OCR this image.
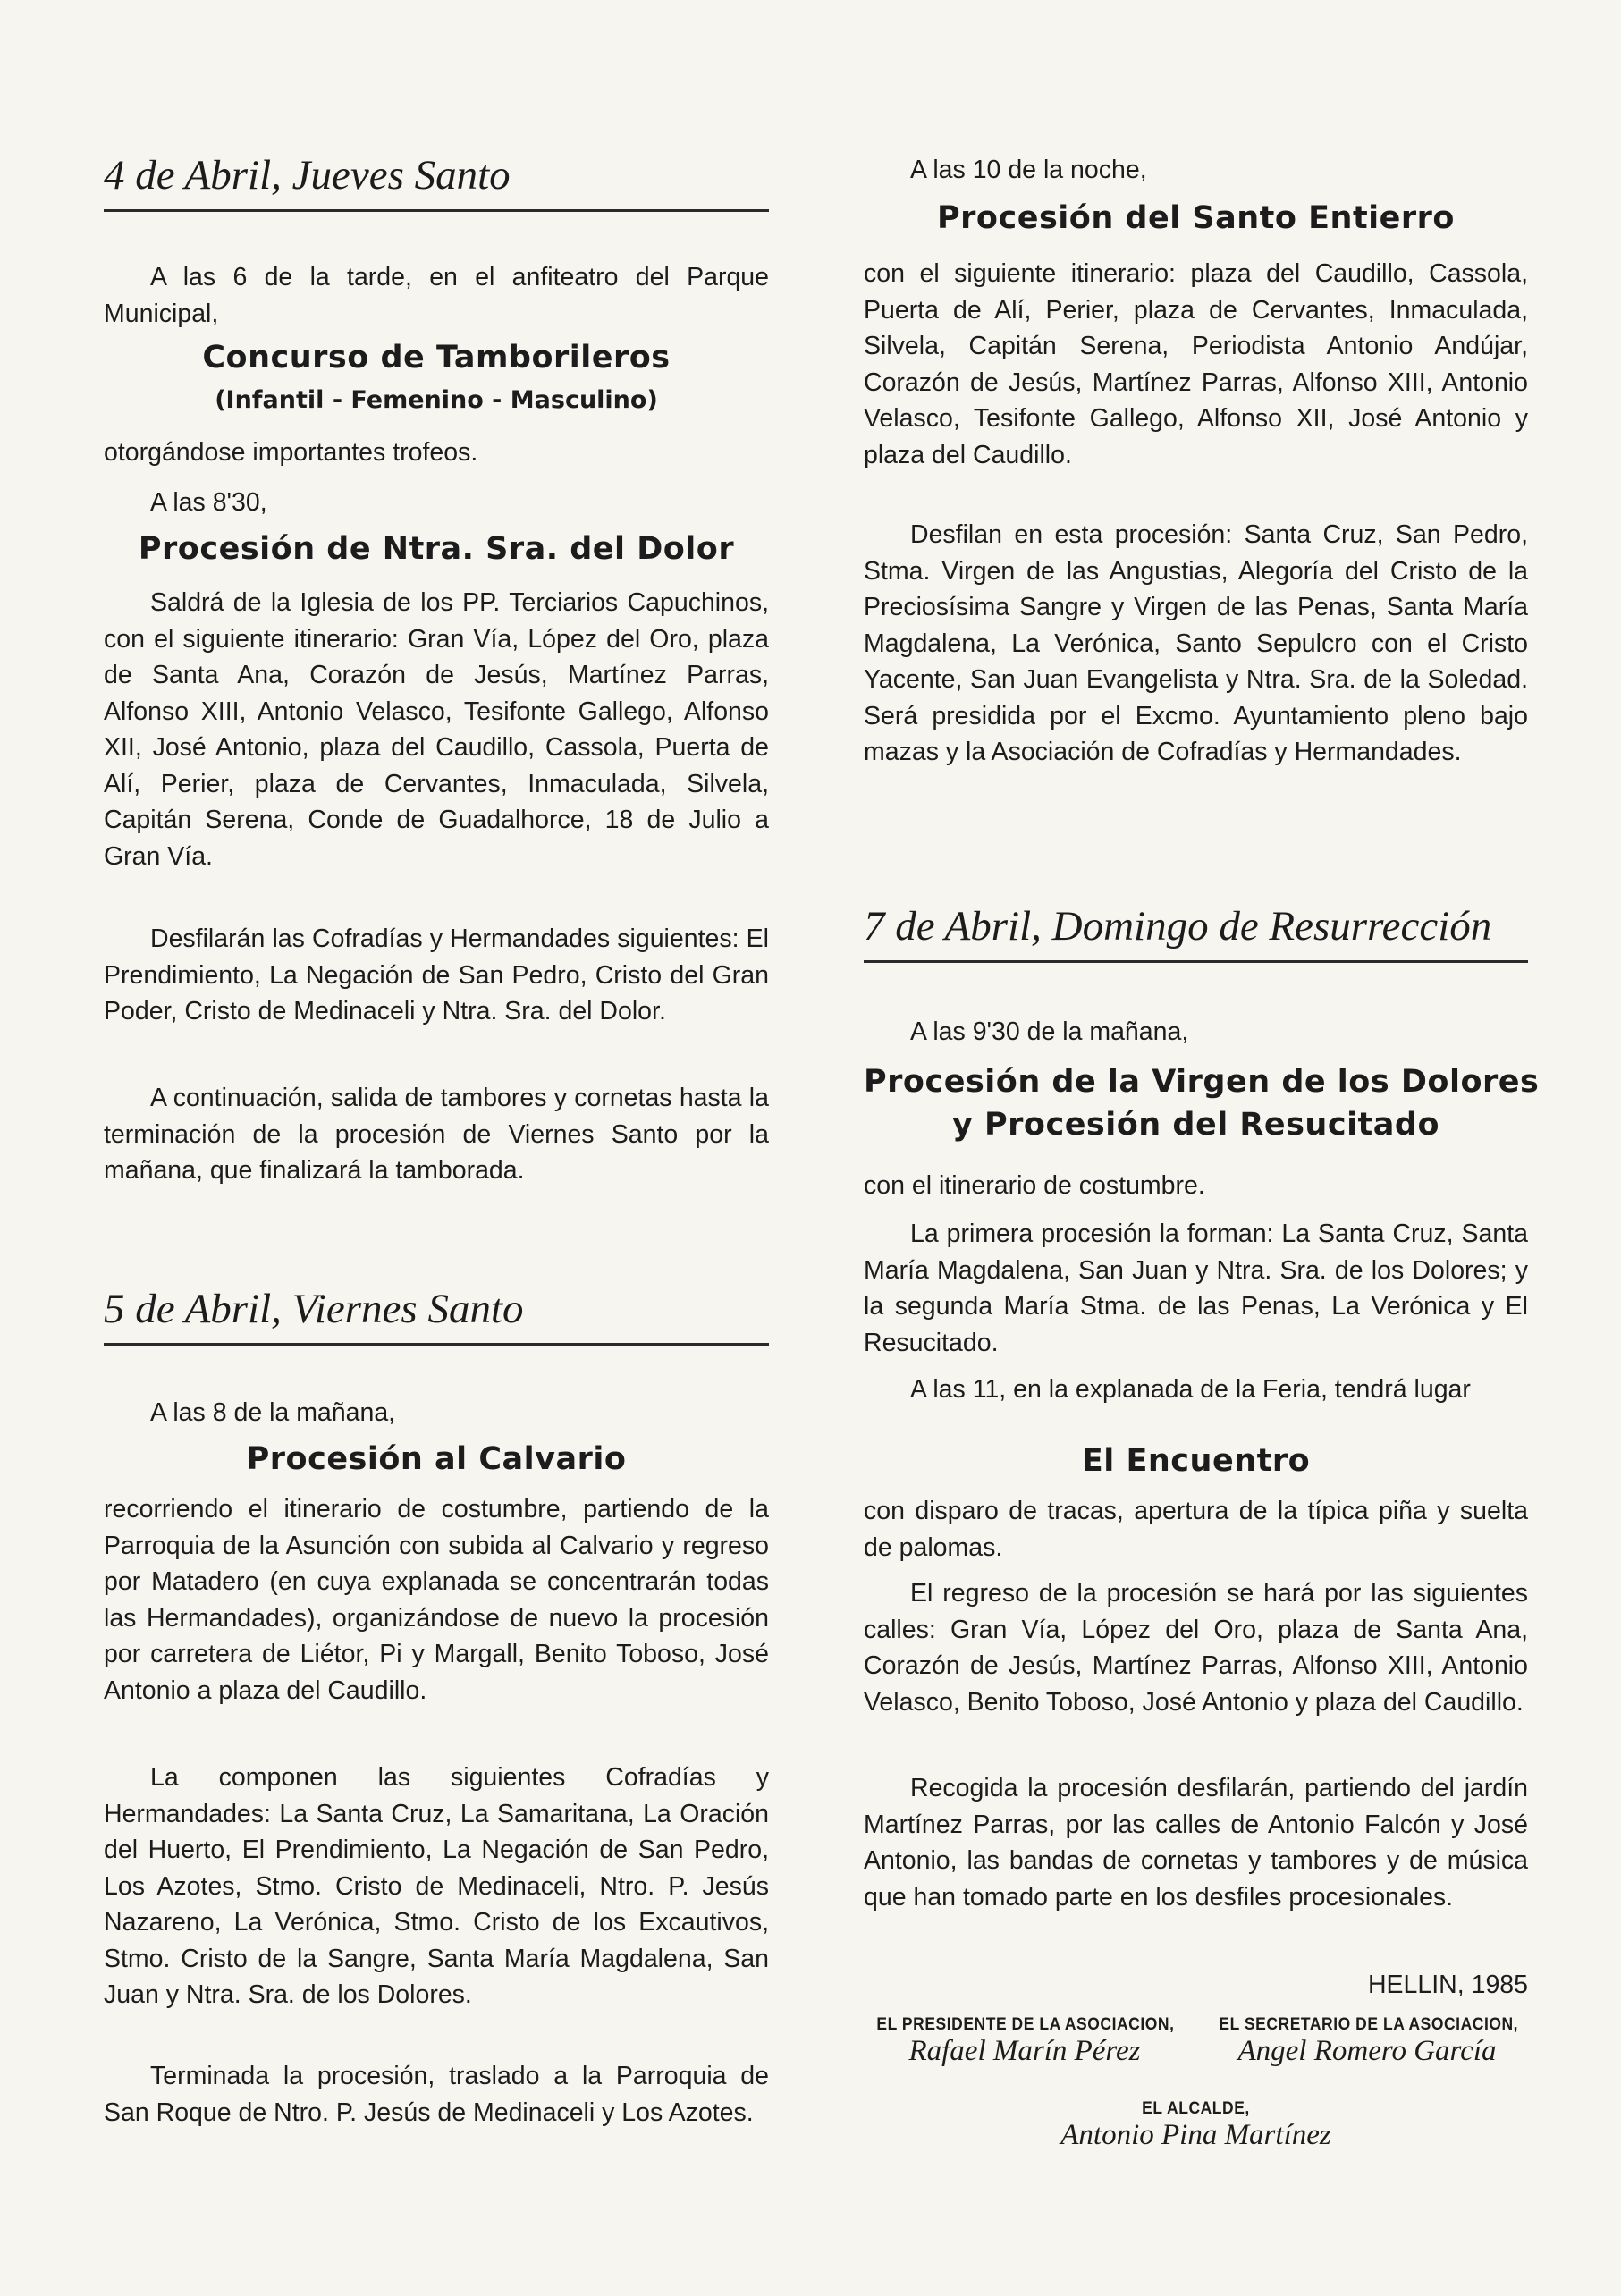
4 de Abril, Jueves Santo

A las 6 de la tarde, en el anfiteatro del Parque Municipal,

Concurso de Tamborileros

(Infantil - Femenino - Masculino)

otorgándose importantes trofeos.

A las 8'30,

Procesión de Ntra. Sra. del Dolor

Saldrá de la Iglesia de los PP. Terciarios Capuchinos, con el siguiente itinerario: Gran Vía, López del Oro, plaza de Santa Ana, Corazón de Jesús, Martínez Parras, Alfonso XIII, Antonio Velasco, Tesifonte Gallego, Alfonso XII, José Antonio, plaza del Caudillo, Cassola, Puerta de Alí, Perier, plaza de Cervantes, Inmaculada, Silvela, Capitán Serena, Conde de Guadalhorce, 18 de Julio a Gran Vía.

Desfilarán las Cofradías y Hermandades siguientes: El Prendimiento, La Negación de San Pedro, Cristo del Gran Poder, Cristo de Medinaceli y Ntra. Sra. del Dolor.

A continuación, salida de tambores y cornetas hasta la terminación de la procesión de Viernes Santo por la mañana, que finalizará la tamborada.

5 de Abril, Viernes Santo

A las 8 de la mañana,

Procesión al Calvario

recorriendo el itinerario de costumbre, partiendo de la Parroquia de la Asunción con subida al Calvario y regreso por Matadero (en cuya explanada se concentrarán todas las Hermandades), organizándose de nuevo la procesión por carretera de Liétor, Pi y Margall, Benito Toboso, José Antonio a plaza del Caudillo.

La componen las siguientes Cofradías y Hermandades: La Santa Cruz, La Samaritana, La Oración del Huerto, El Prendimiento, La Negación de San Pedro, Los Azotes, Stmo. Cristo de Medinaceli, Ntro. P. Jesús Nazareno, La Verónica, Stmo. Cristo de los Excautivos, Stmo. Cristo de la Sangre, Santa María Magdalena, San Juan y Ntra. Sra. de los Dolores.

Terminada la procesión, traslado a la Parroquia de San Roque de Ntro. P. Jesús de Medinaceli y Los Azotes.

A las 10 de la noche,

Procesión del Santo Entierro

con el siguiente itinerario: plaza del Caudillo, Cassola, Puerta de Alí, Perier, plaza de Cervantes, Inmaculada, Silvela, Capitán Serena, Periodista Antonio Andújar, Corazón de Jesús, Martínez Parras, Alfonso XIII, Antonio Velasco, Tesifonte Gallego, Alfonso XII, José Antonio y plaza del Caudillo.

Desfilan en esta procesión: Santa Cruz, San Pedro, Stma. Virgen de las Angustias, Alegoría del Cristo de la Preciosísima Sangre y Virgen de las Penas, Santa María Magdalena, La Verónica, Santo Sepulcro con el Cristo Yacente, San Juan Evangelista y Ntra. Sra. de la Soledad. Será presidida por el Excmo. Ayuntamiento pleno bajo mazas y la Asociación de Cofradías y Hermandades.

7 de Abril, Domingo de Resurrección

A las 9'30 de la mañana,

Procesión de la Virgen de los Dolores

y Procesión del Resucitado

con el itinerario de costumbre.

La primera procesión la forman: La Santa Cruz, Santa María Magdalena, San Juan y Ntra. Sra. de los Dolores; y la segunda María Stma. de las Penas, La Verónica y El Resucitado.

A las 11, en la explanada de la Feria, tendrá lugar

El Encuentro

con disparo de tracas, apertura de la típica piña y suelta de palomas.

El regreso de la procesión se hará por las siguientes calles: Gran Vía, López del Oro, plaza de Santa Ana, Corazón de Jesús, Martínez Parras, Alfonso XIII, Antonio Velasco, Benito Toboso, José Antonio y plaza del Caudillo.

Recogida la procesión desfilarán, partiendo del jardín Martínez Parras, por las calles de Antonio Falcón y José Antonio, las bandas de cornetas y tambores y de música que han tomado parte en los desfiles procesionales.

HELLIN, 1985

EL PRESIDENTE DE LA ASOCIACION,
Rafael Marín Pérez
EL SECRETARIO DE LA ASOCIACION,
Angel Romero García
EL ALCALDE,
Antonio Pina Martínez
